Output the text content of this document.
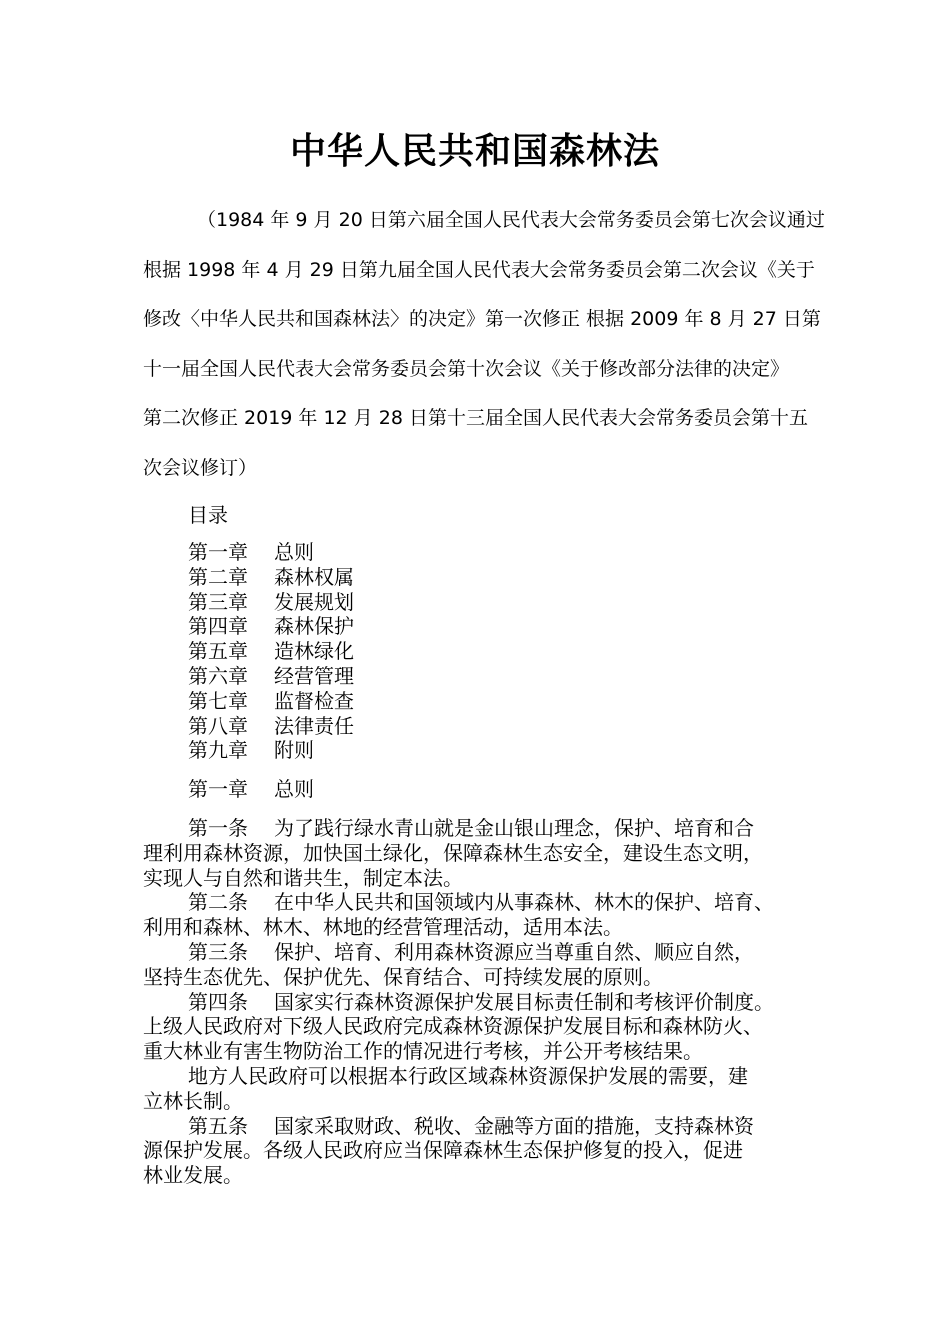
中华人民共和国森林法
（1984 年 9 月 20 日第六届全国人民代表大会常务委员会第七次会议通过
根据 1998 年 4 月 29 日第九届全国人民代表大会常务委员会第二次会议《关于
修改〈中华人民共和国森林法〉的决定》第一次修正 根据 2009 年 8 月 27 日第
十一届全国人民代表大会常务委员会第十次会议《关于修改部分法律的决定》
第二次修正 2019 年 12 月 28 日第十三届全国人民代表大会常务委员会第十五
次会议修订）
目录
第一章 总则
第二章 森林权属
第三章 发展规划
第四章 森林保护
第五章 造林绿化
第六章 经营管理
第七章 监督检查
第八章 法律责任
第九章 附则
第一章 总则

第一条 为了践行绿水青山就是金山银山理念，保护、培育和合
理利用森林资源，加快国土绿化，保障森林生态安全，建设生态文明，
实现人与自然和谐共生，制定本法。

第二条 在中华人民共和国领域内从事森林、林木的保护、培育、
利用和森林、林木、林地的经营管理活动，适用本法。

第三条 保护、培育、利用森林资源应当尊重自然、顺应自然，
坚持生态优先、保护优先、保育结合、可持续发展的原则。

第四条 国家实行森林资源保护发展目标责任制和考核评价制度。
上级人民政府对下级人民政府完成森林资源保护发展目标和森林防火、
重大林业有害生物防治工作的情况进行考核，并公开考核结果。

地方人民政府可以根据本行政区域森林资源保护发展的需要，建
立林长制。

第五条 国家采取财政、税收、金融等方面的措施，支持森林资
源保护发展。各级人民政府应当保障森林生态保护修复的投入，促进
林业发展。
